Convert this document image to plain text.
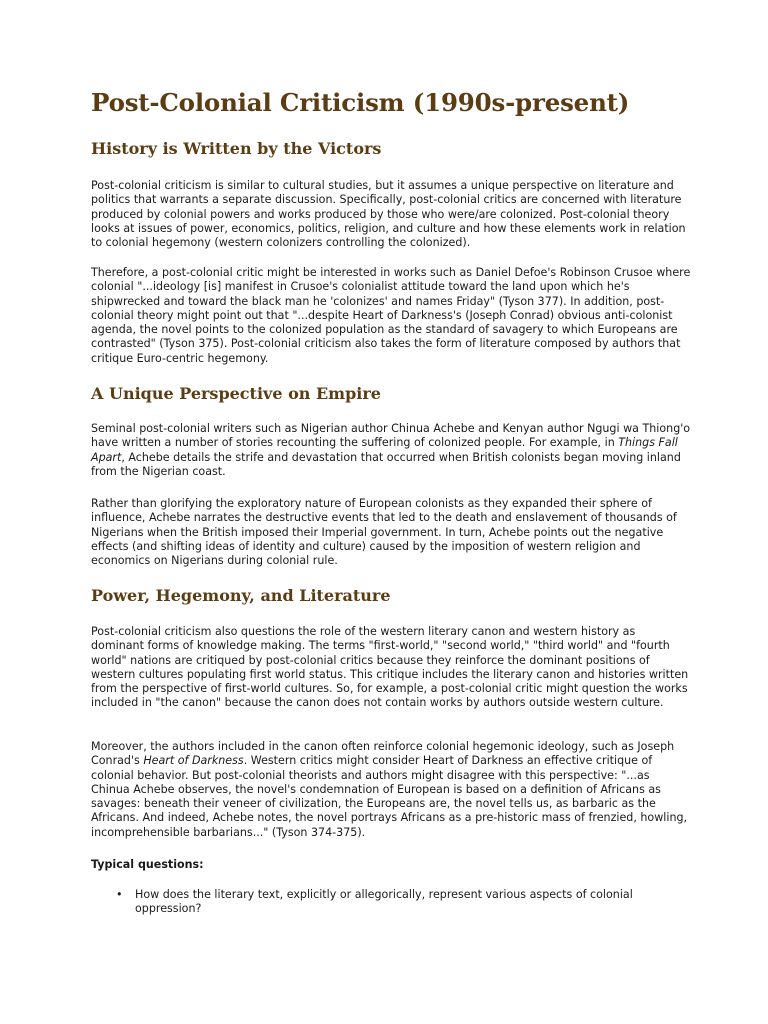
Post-Colonial Criticism (1990s-present)
History is Written by the Victors

Post-colonial criticism is similar to cultural studies, but it assumes a unique perspective on literature and politics that warrants a separate discussion. Specifically, post-colonial critics are concerned with literature produced by colonial powers and works produced by those who were/are colonized. Post-colonial theory looks at issues of power, economics, politics, religion, and culture and how these elements work in relation to colonial hegemony (western colonizers controlling the colonized).

Therefore, a post-colonial critic might be interested in works such as Daniel Defoe's Robinson Crusoe where colonial "...ideology [is] manifest in Crusoe's colonialist attitude toward the land upon which he's shipwrecked and toward the black man he 'colonizes' and names Friday" (Tyson 377). In addition, post-colonial theory might point out that "...despite Heart of Darkness's (Joseph Conrad) obvious anti-colonist agenda, the novel points to the colonized population as the standard of savagery to which Europeans are contrasted" (Tyson 375). Post-colonial criticism also takes the form of literature composed by authors that critique Euro-centric hegemony.

A Unique Perspective on Empire

Seminal post-colonial writers such as Nigerian author Chinua Achebe and Kenyan author Ngugi wa Thiong'o have written a number of stories recounting the suffering of colonized people. For example, in Things Fall Apart, Achebe details the strife and devastation that occurred when British colonists began moving inland from the Nigerian coast.

Rather than glorifying the exploratory nature of European colonists as they expanded their sphere of influence, Achebe narrates the destructive events that led to the death and enslavement of thousands of Nigerians when the British imposed their Imperial government. In turn, Achebe points out the negative effects (and shifting ideas of identity and culture) caused by the imposition of western religion and economics on Nigerians during colonial rule.

Power, Hegemony, and Literature

Post-colonial criticism also questions the role of the western literary canon and western history as dominant forms of knowledge making. The terms "first-world," "second world," "third world" and "fourth world" nations are critiqued by post-colonial critics because they reinforce the dominant positions of western cultures populating first world status. This critique includes the literary canon and histories written from the perspective of first-world cultures. So, for example, a post-colonial critic might question the works included in "the canon" because the canon does not contain works by authors outside western culture.

Moreover, the authors included in the canon often reinforce colonial hegemonic ideology, such as Joseph Conrad's Heart of Darkness. Western critics might consider Heart of Darkness an effective critique of colonial behavior. But post-colonial theorists and authors might disagree with this perspective: "...as Chinua Achebe observes, the novel's condemnation of European is based on a definition of Africans as savages: beneath their veneer of civilization, the Europeans are, the novel tells us, as barbaric as the Africans. And indeed, Achebe notes, the novel portrays Africans as a pre-historic mass of frenzied, howling, incomprehensible barbarians..." (Tyson 374-375).

Typical questions:
• How does the literary text, explicitly or allegorically, represent various aspects of colonial oppression?
